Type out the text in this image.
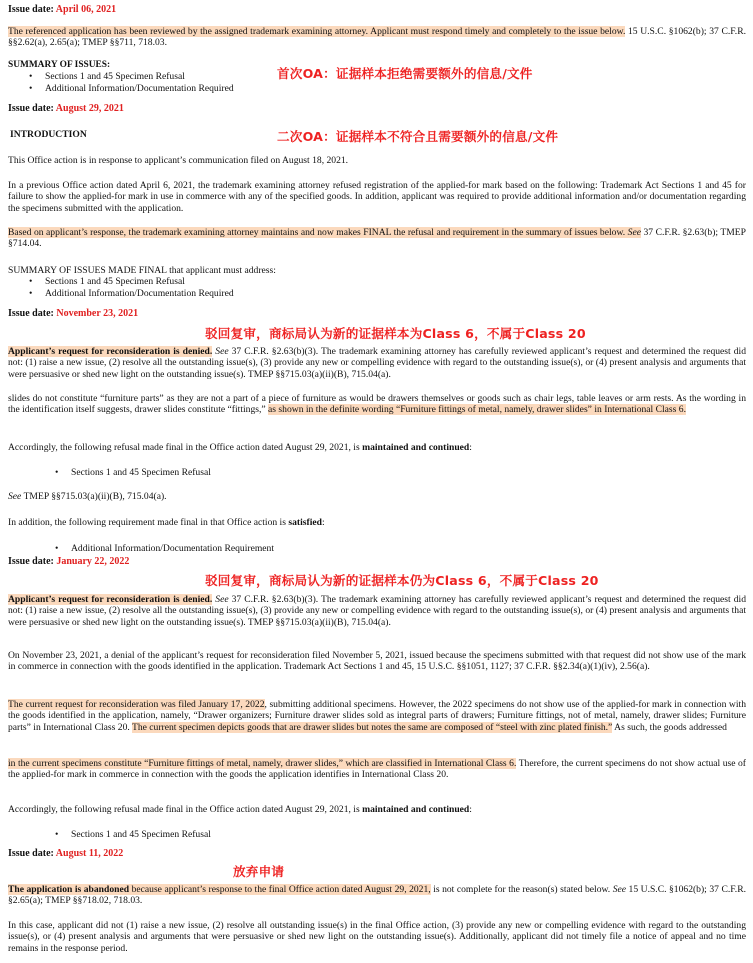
Issue date: April 06, 2021
The referenced application has been reviewed by the assigned trademark examining attorney. Applicant must respond timely and completely to the issue below. 15 U.S.C. §1062(b); 37 C.F.R. §§2.62(a), 2.65(a); TMEP §§711, 718.03.
SUMMARY OF ISSUES:
• Sections 1 and 45 Specimen Refusal
• Additional Information/Documentation Required
首次OA：证据样本拒绝需要额外的信息/文件
Issue date: August 29, 2021
INTRODUCTION	二次OA：证据样本不符合且需要额外的信息/文件
This Office action is in response to applicant’s communication filed on August 18, 2021.
In a previous Office action dated April 6, 2021, the trademark examining attorney refused registration of the applied-for mark based on the following: Trademark Act Sections 1 and 45 for failure to show the applied-for mark in use in commerce with any of the specified goods. In addition, applicant was required to provide additional information and/or documentation regarding the specimens submitted with the application.
Based on applicant’s response, the trademark examining attorney maintains and now makes FINAL the refusal and requirement in the summary of issues below. See 37 C.F.R. §2.63(b); TMEP §714.04.
SUMMARY OF ISSUES MADE FINAL that applicant must address:
• Sections 1 and 45 Specimen Refusal
• Additional Information/Documentation Required
Issue date: November 23, 2021
驳回复审，商标局认为新的证据样本为Class 6，不属于Class 20
Applicant’s request for reconsideration is denied. See 37 C.F.R. §2.63(b)(3). The trademark examining attorney has carefully reviewed applicant’s request and determined the request did not: (1) raise a new issue, (2) resolve all the outstanding issue(s), (3) provide any new or compelling evidence with regard to the outstanding issue(s), or (4) present analysis and arguments that were persuasive or shed new light on the outstanding issue(s). TMEP §§715.03(a)(ii)(B), 715.04(a).
slides do not constitute “furniture parts” as they are not a part of a piece of furniture as would be drawers themselves or goods such as chair legs, table leaves or arm rests. As the wording in the identification itself suggests, drawer slides constitute “fittings,” as shown in the definite wording “Furniture fittings of metal, namely, drawer slides” in International Class 6.
Accordingly, the following refusal made final in the Office action dated August 29, 2021, is maintained and continued:
• Sections 1 and 45 Specimen Refusal
See TMEP §§715.03(a)(ii)(B), 715.04(a).
In addition, the following requirement made final in that Office action is satisfied:
• Additional Information/Documentation Requirement
Issue date: January 22, 2022
驳回复审，商标局认为新的证据样本仍为Class 6，不属于Class 20
Applicant’s request for reconsideration is denied. See 37 C.F.R. §2.63(b)(3). The trademark examining attorney has carefully reviewed applicant’s request and determined the request did not: (1) raise a new issue, (2) resolve all the outstanding issue(s), (3) provide any new or compelling evidence with regard to the outstanding issue(s), or (4) present analysis and arguments that were persuasive or shed new light on the outstanding issue(s). TMEP §§715.03(a)(ii)(B), 715.04(a).
On November 23, 2021, a denial of the applicant’s request for reconsideration filed November 5, 2021, issued because the specimens submitted with that request did not show use of the mark in commerce in connection with the goods identified in the application. Trademark Act Sections 1 and 45, 15 U.S.C. §§1051, 1127; 37 C.F.R. §§2.34(a)(1)(iv), 2.56(a).
The current request for reconsideration was filed January 17, 2022, submitting additional specimens. However, the 2022 specimens do not show use of the applied-for mark in connection with the goods identified in the application, namely, “Drawer organizers; Furniture drawer slides sold as integral parts of drawers; Furniture fittings, not of metal, namely, drawer slides; Furniture parts” in International Class 20. The current specimen depicts goods that are drawer slides but notes the same are composed of “steel with zinc plated finish.” As such, the goods addressed
in the current specimens constitute “Furniture fittings of metal, namely, drawer slides,” which are classified in International Class 6. Therefore, the current specimens do not show actual use of the applied-for mark in commerce in connection with the goods the application identifies in International Class 20.
Accordingly, the following refusal made final in the Office action dated August 29, 2021, is maintained and continued:
• Sections 1 and 45 Specimen Refusal
Issue date: August 11, 2022
放弃申请
The application is abandoned because applicant’s response to the final Office action dated August 29, 2021, is not complete for the reason(s) stated below. See 15 U.S.C. §1062(b); 37 C.F.R. §2.65(a); TMEP §§718.02, 718.03.
In this case, applicant did not (1) raise a new issue, (2) resolve all outstanding issue(s) in the final Office action, (3) provide any new or compelling evidence with regard to the outstanding issue(s), or (4) present analysis and arguments that were persuasive or shed new light on the outstanding issue(s). Additionally, applicant did not timely file a notice of appeal and no time remains in the response period.
